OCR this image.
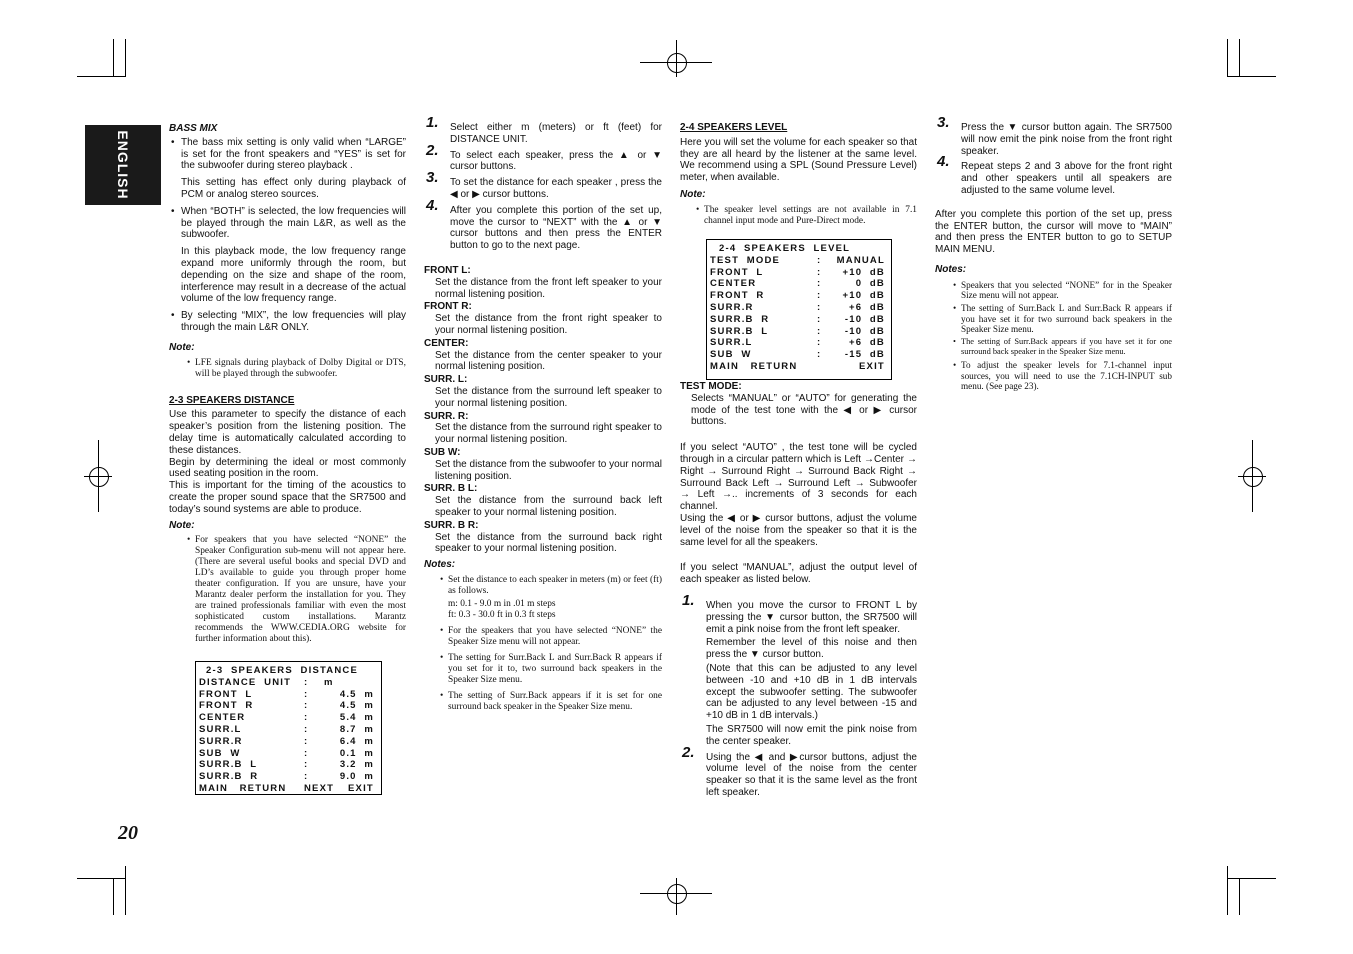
ENGLISH
20
BASS MIX
• The bass mix setting is only valid when “LARGE” is set for the front speakers and “YES” is set for the subwoofer during stereo playback .

This setting has effect only during playback of PCM or analog stereo sources.

• When “BOTH” is selected, the low frequencies will be played through the main L&R, as well as the subwoofer.

In this playback mode, the low frequency range expand more uniformly through the room, but depending on the size and shape of the room, interference may result in a decrease of the actual volume of the low frequency range.

• By selecting “MIX”, the low frequencies will play through the main L&R ONLY.
Note:
• LFE signals during playback of Dolby Digital or DTS, will be played through the subwoofer.
2-3 SPEAKERS DISTANCE

Use this parameter to specify the distance of each speaker’s position from the listening position. The delay time is automatically calculated according to these distances.

Begin by determining the ideal or most commonly used seating position in the room.

This is important for the timing of the acoustics to create the proper sound space that the SR7500 and today’s sound systems are able to produce.

Note:
• For speakers that you have selected “NONE” the Speaker Configuration sub-menu will not appear here. (There are several useful books and special DVD and LD’s available to guide you through proper home theater configuration. If you are unsure, have your Marantz dealer perform the installation for you. They are trained professionals familiar with even the most sophisticated custom installations. Marantz recommends the WWW.CEDIA.ORG website for further information about this).
2-3  SPEAKERS  DISTANCE
DISTANCE  UNIT : m
FRONT  L	:	4.5  m
FRONT  R	:	4.5  m
CENTER	:	5.4  m
SURR.L	:	8.7  m
SURR.R	:	6.4  m
SUB  W	:	0.1  m
SURR.B  L	:	3.2  m
SURR.B  R	:	9.0  m

MAIN   RETURN

NEXT

EXIT

1. Select either m (meters) or ft (feet) for DISTANCE UNIT.
2. To select each speaker, press the ▲ or ▼ cursor buttons.
3. To set the distance for each speaker , press the ◀ or ▶ cursor buttons.
4. After you complete this portion of the set up, move the cursor to “NEXT” with the ▲ or ▼ cursor buttons and then press the ENTER button to go to the next page.
FRONT L:

Set the distance from the front left speaker to your normal listening position.

FRONT R:

Set the distance from the front right speaker to your normal listening position.

CENTER:

Set the distance from the center speaker to your normal listening position.

SURR. L:

Set the distance from the surround left speaker to your normal listening position.

SURR. R:

Set the distance from the surround right speaker to your normal listening position.

SUB W:

Set the distance from the subwoofer to your normal listening position.

SURR. B L:

Set the distance from the surround back left speaker to your normal listening position.

SURR. B R:

Set the distance from the surround back right speaker to your normal listening position.

Notes:
• Set the distance to each speaker in meters (m) or feet (ft) as follows.
m: 0.1 - 9.0 m in .01 m steps
ft: 0.3 - 30.0 ft in 0.3 ft steps
• For the speakers that you have selected “NONE” the Speaker Size menu will not appear.
• The setting for Surr.Back L and Surr.Back R appears if you set for it to, two surround back speakers in the Speaker Size menu.
• The setting of Surr.Back appears if it is set for one surround back speaker in the Speaker Size menu.
2-4 SPEAKERS LEVEL

Here you will set the volume for each speaker so that they are all heard by the listener at the same level. We recommend using a SPL (Sound Pressure Level) meter, when available.

Note:
• The speaker level settings are not available in 7.1 channel input mode and Pure-Direct mode.
2-4  SPEAKERS  LEVEL
TEST  MODE	: MANUAL
FRONT  L	: +10  dB
CENTER	:	0  dB
FRONT  R	: +10  dB
SURR.R	:	+6  dB
SURR.B  R	: -10  dB
SURR.B  L	: -10  dB
SURR.L	:	+6  dB
SUB  W	: -15  dB

MAIN   RETURN

	EXIT

TEST MODE:

Selects “MANUAL” or “AUTO” for generating the mode of the test tone with the ◀ or ▶ cursor buttons.

If you select “AUTO” , the test tone will be cycled through in a circular pattern which is Left →Center → Right → Surround Right → Surround Back Right → Surround Back Left → Surround Left → Subwoofer → Left →.. increments of 3 seconds for each channel.

Using the ◀ or ▶ cursor buttons, adjust the volume level of the noise from the speaker so that it is the same level for all the speakers.

If you select “MANUAL”, adjust the output level of each speaker as listed below.

1. When you move the cursor to FRONT L by pressing the ▼ cursor button, the SR7500 will emit a pink noise from the front left speaker.
Remember the level of this noise and then press the ▼ cursor button.
(Note that this can be adjusted to any level between -10 and +10 dB in 1 dB intervals except the subwoofer setting. The subwoofer can be adjusted to any level between -15 and +10 dB in 1 dB intervals.)
The SR7500 will now emit the pink noise from the center speaker.
2. Using the ◀ and ▶cursor buttons, adjust the volume level of the noise from the center speaker so that it is the same level as the front left speaker.
3. Press the ▼ cursor button again. The SR7500 will now emit the pink noise from the front right speaker.
4. Repeat steps 2 and 3 above for the front right and other speakers until all speakers are adjusted to the same volume level.

After you complete this portion of the set up, press the ENTER button, the cursor will move to “MAIN” and then press the ENTER button to go to SETUP MAIN MENU.

Notes:
• Speakers that you selected “NONE” for in the Speaker Size menu will not appear.
• The setting of Surr.Back L and Surr.Back R appears if you have set it for two surround back speakers in the Speaker Size menu.
• The setting of Surr.Back appears if you have set it for one surround back speaker in the Speaker Size menu.
• To adjust the speaker levels for 7.1-channel input sources, you will need to use the 7.1CH-INPUT sub menu. (See page 23).
